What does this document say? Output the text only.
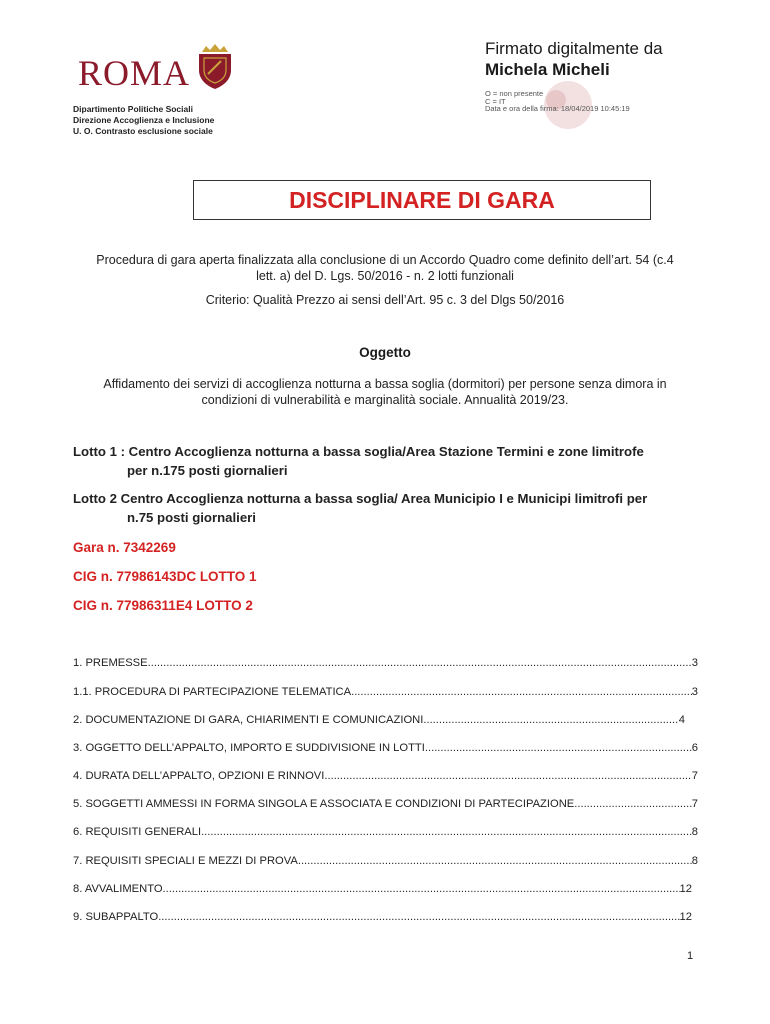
ROMA
Dipartimento Politiche Sociali
Direzione Accoglienza e Inclusione
U. O. Contrasto esclusione sociale
Firmato digitalmente da
Michela Micheli
O = non presente
C = IT
Data e ora della firma: 18/04/2019 10:45:19
DISCIPLINARE DI GARA
Procedura di gara aperta finalizzata alla conclusione di un Accordo Quadro come definito dell’art. 54 (c.4
lett. a) del D. Lgs. 50/2016 - n. 2 lotti funzionali
Criterio: Qualità Prezzo ai sensi dell’Art. 95 c. 3 del Dlgs 50/2016
Oggetto
Affidamento dei servizi di accoglienza notturna a bassa soglia (dormitori) per persone senza dimora in
condizioni di vulnerabilità e marginalità sociale. Annualità 2019/23.
Lotto 1 : Centro Accoglienza notturna a bassa soglia/Area Stazione Termini e zone limitrofe
per n.175 posti giornalieri
Lotto 2 Centro Accoglienza notturna a bassa soglia/ Area Municipio I e Municipi limitrofi per
n.75 posti giornalieri
Gara n. 7342269
CIG n. 77986143DC LOTTO 1
CIG n. 77986311E4 LOTTO 2
1. PREMESSE .....	3
1.1. PROCEDURA DI PARTECIPAZIONE TELEMATICA .....	3
2. DOCUMENTAZIONE DI GARA, CHIARIMENTI E COMUNICAZIONI .....	4
3. OGGETTO DELL’APPALTO, IMPORTO E SUDDIVISIONE IN LOTTI .....	6
4. DURATA DELL’APPALTO, OPZIONI E RINNOVI .....	7
5. SOGGETTI AMMESSI IN FORMA SINGOLA E ASSOCIATA E CONDIZIONI DI PARTECIPAZIONE .....	7
6. REQUISITI GENERALI .....	8
7. REQUISITI SPECIALI E MEZZI DI PROVA .....	8
8. AVVALIMENTO .....	12
9. SUBAPPALTO .....	12
1
